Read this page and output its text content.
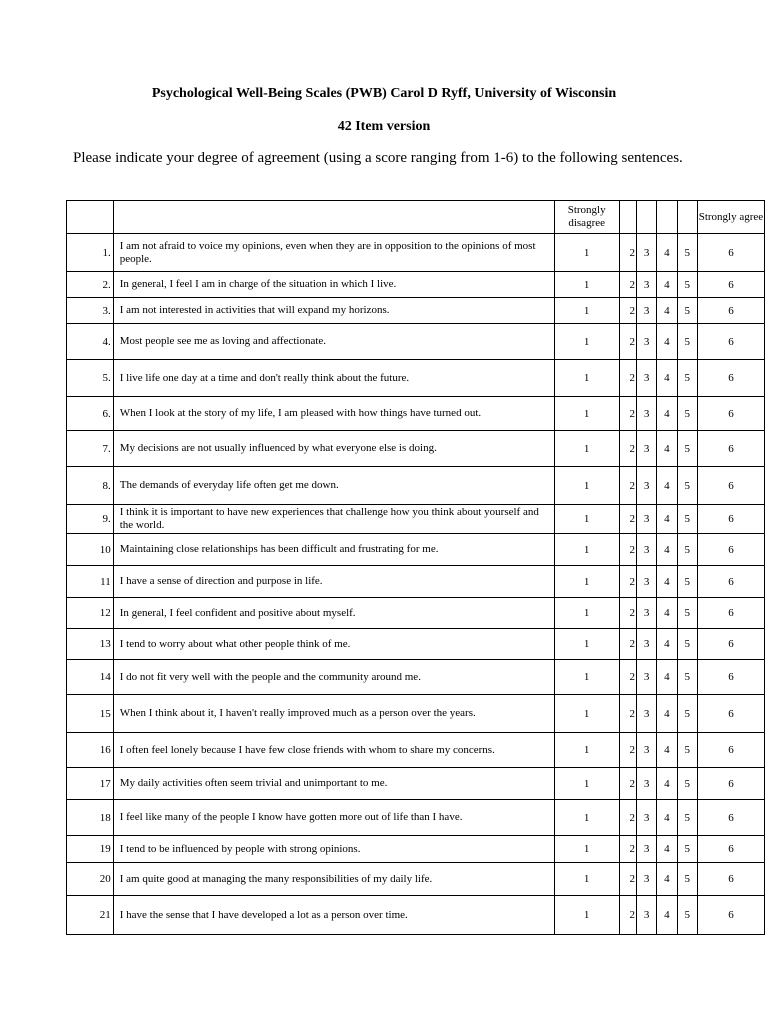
Psychological Well-Being Scales (PWB) Carol D Ryff, University of Wisconsin
42 Item version
Please indicate your degree of agreement (using a score ranging from 1-6) to the following sentences.
		Strongly disagree					Strongly agree
1.	I am not afraid to voice my opinions, even when they are in opposition to the opinions of most people.	1	2	3	4	5	6
2.	In general, I feel I am in charge of the situation in which I live.	1	2	3	4	5	6
3.	I am not interested in activities that will expand my horizons.	1	2	3	4	5	6
4.	Most people see me as loving and affectionate.	1	2	3	4	5	6
5.	I live life one day at a time and don't really think about the future.	1	2	3	4	5	6
6.	When I look at the story of my life, I am pleased with how things have turned out.	1	2	3	4	5	6
7.	My decisions are not usually influenced by what everyone else is doing.	1	2	3	4	5	6
8.	The demands of everyday life often get me down.	1	2	3	4	5	6
9.	I think it is important to have new experiences that challenge how you think about yourself and the world.	1	2	3	4	5	6
10	Maintaining close relationships has been difficult and frustrating for me.	1	2	3	4	5	6
11	I have a sense of direction and purpose in life.	1	2	3	4	5	6
12	In general, I feel confident and positive about myself.	1	2	3	4	5	6
13	I tend to worry about what other people think of me.	1	2	3	4	5	6
14	I do not fit very well with the people and the community around me.	1	2	3	4	5	6
15	When I think about it, I haven't really improved much as a person over the years.	1	2	3	4	5	6
16	I often feel lonely because I have few close friends with whom to share my concerns.	1	2	3	4	5	6
17	My daily activities often seem trivial and unimportant to me.	1	2	3	4	5	6
18	I feel like many of the people I know have gotten more out of life than I have.	1	2	3	4	5	6
19	I tend to be influenced by people with strong opinions.	1	2	3	4	5	6
20	I am quite good at managing the many responsibilities of my daily life.	1	2	3	4	5	6
21	I have the sense that I have developed a lot as a person over time.	1	2	3	4	5	6
